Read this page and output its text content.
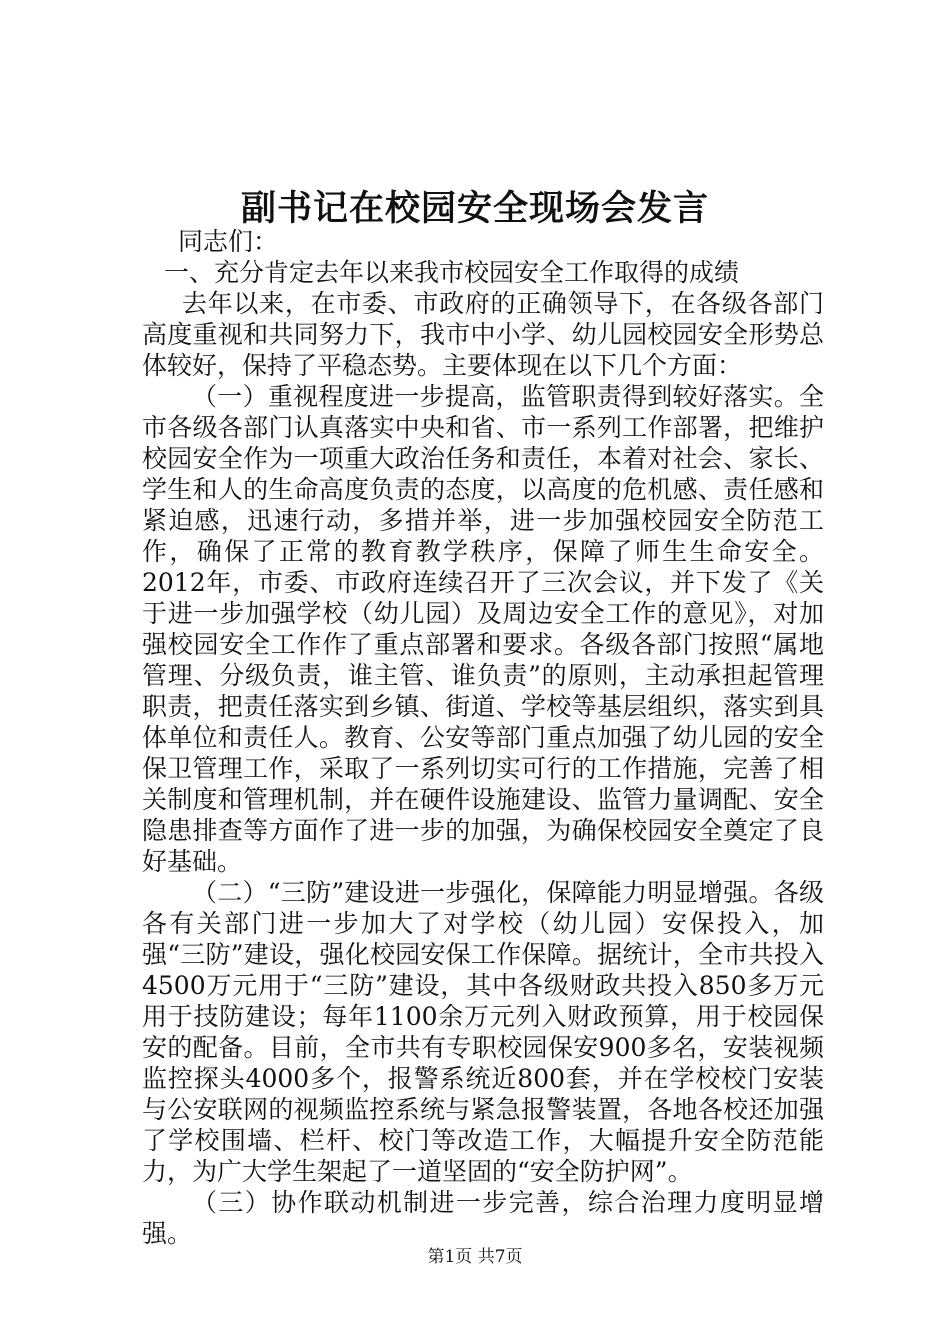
副书记在校园安全现场会发言

同志们：

一、充分肯定去年以来我市校园安全工作取得的成绩

去年以来，在市委、市政府的正确领导下，在各级各部门高度重视和共同努力下，我市中小学、幼儿园校园安全形势总体较好，保持了平稳态势。主要体现在以下几个方面：

（一）重视程度进一步提高，监管职责得到较好落实。全市各级各部门认真落实中央和省、市一系列工作部署，把维护校园安全作为一项重大政治任务和责任，本着对社会、家长、学生和人的生命高度负责的态度，以高度的危机感、责任感和紧迫感，迅速行动，多措并举，进一步加强校园安全防范工作，确保了正常的教育教学秩序，保障了师生生命安全。2012年，市委、市政府连续召开了三次会议，并下发了《关于进一步加强学校（幼儿园）及周边安全工作的意见》，对加强校园安全工作作了重点部署和要求。各级各部门按照“属地管理、分级负责，谁主管、谁负责”的原则，主动承担起管理职责，把责任落实到乡镇、街道、学校等基层组织，落实到具体单位和责任人。教育、公安等部门重点加强了幼儿园的安全保卫管理工作，采取了一系列切实可行的工作措施，完善了相关制度和管理机制，并在硬件设施建设、监管力量调配、安全隐患排查等方面作了进一步的加强，为确保校园安全奠定了良好基础。

（二）“三防”建设进一步强化，保障能力明显增强。各级各有关部门进一步加大了对学校（幼儿园）安保投入，加强“三防”建设，强化校园安保工作保障。据统计，全市共投入4500万元用于“三防”建设，其中各级财政共投入850多万元用于技防建设；每年1100余万元列入财政预算，用于校园保安的配备。目前，全市共有专职校园保安900多名，安装视频监控探头4000多个，报警系统近800套，并在学校校门安装与公安联网的视频监控系统与紧急报警装置，各地各校还加强了学校围墙、栏杆、校门等改造工作，大幅提升安全防范能力，为广大学生架起了一道坚固的“安全防护网”。

（三）协作联动机制进一步完善，综合治理力度明显增强。

第1页 共7页
